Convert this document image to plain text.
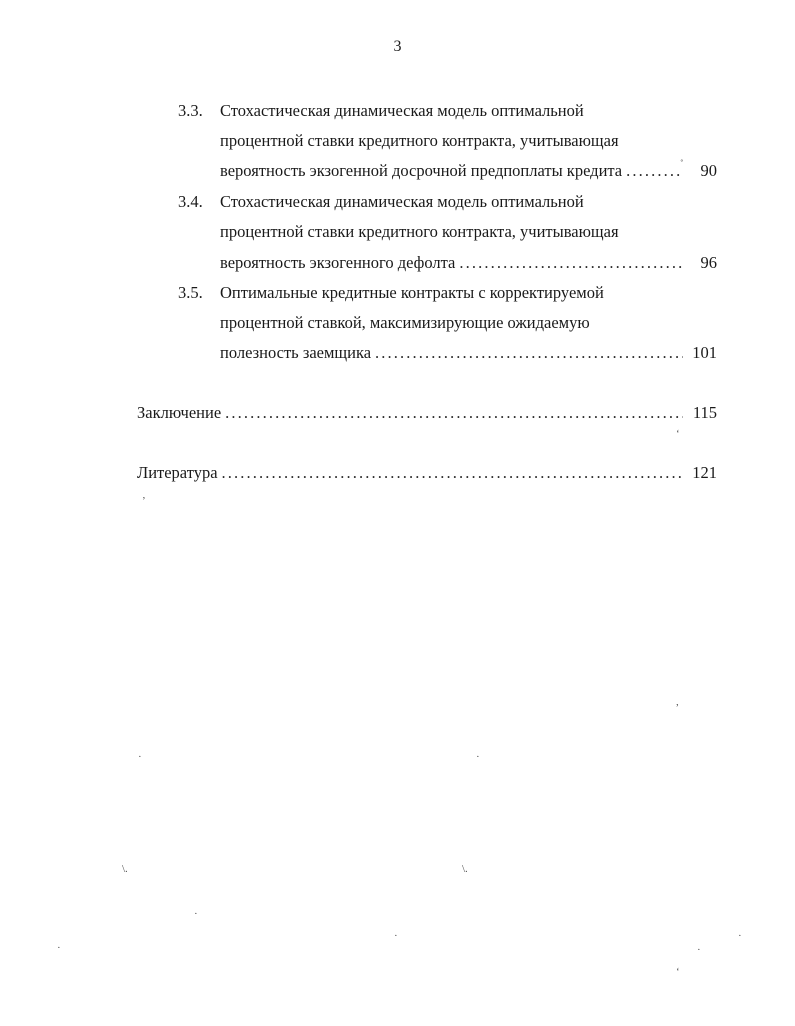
3
3.3. Стохастическая динамическая модель оптимальной
процентной ставки кредитного контракта, учитывающая
вероятность экзогенной досрочной предпоплаты кредита . . .	90
3.4. Стохастическая динамическая модель оптимальной
процентной ставки кредитного контракта, учитывающая
вероятность экзогенного дефолта . . .	96
3.5. Оптимальные кредитные контракты с корректируемой
процентной ставкой, максимизирующие ожидаемую
полезность заемщика . . .	101
Заключение . . .	115
Литература . . .	121
˚
‘
ʼ
,
·	·
\.	\.
·
·	·
·	·
ʻ
